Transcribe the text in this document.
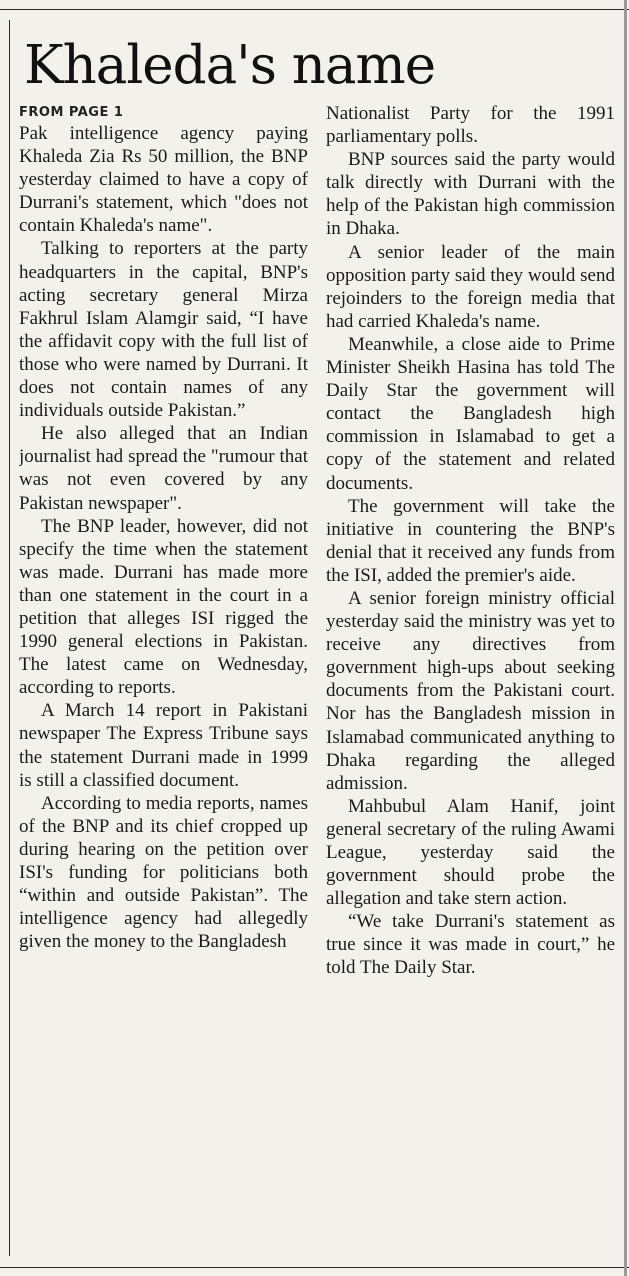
Khaleda's name
FROM PAGE 1

Pak intelligence agency paying Khaleda Zia Rs 50 million, the BNP yesterday claimed to have a copy of Durrani's statement, which "does not contain Khaleda's name".

Talking to reporters at the party headquarters in the capital, BNP's acting secretary general Mirza Fakhrul Islam Alamgir said, “I have the affidavit copy with the full list of those who were named by Durrani. It does not contain names of any individuals outside Pakistan.”

He also alleged that an Indian journalist had spread the "rumour that was not even covered by any Pakistan newspaper".

The BNP leader, however, did not specify the time when the statement was made. Durrani has made more than one statement in the court in a petition that alleges ISI rigged the 1990 general elections in Pakistan. The latest came on Wednesday, according to reports.

A March 14 report in Pakistani newspaper The Express Tribune says the statement Durrani made in 1999 is still a classified document.

According to media reports, names of the BNP and its chief cropped up during hearing on the petition over ISI's funding for politicians both “within and outside Pakistan”. The intelligence agency had allegedly given the money to the Bangladesh

Nationalist Party for the 1991 parliamentary polls.

BNP sources said the party would talk directly with Durrani with the help of the Pakistan high commission in Dhaka.

A senior leader of the main opposition party said they would send rejoinders to the foreign media that had carried Khaleda's name.

Meanwhile, a close aide to Prime Minister Sheikh Hasina has told The Daily Star the government will contact the Bangladesh high commission in Islamabad to get a copy of the statement and related documents.

The government will take the initiative in countering the BNP's denial that it received any funds from the ISI, added the premier's aide.

A senior foreign ministry official yesterday said the ministry was yet to receive any directives from government high-ups about seeking documents from the Pakistani court. Nor has the Bangladesh mission in Islamabad communicated anything to Dhaka regarding the alleged admission.

Mahbubul Alam Hanif, joint general secretary of the ruling Awami League, yesterday said the government should probe the allegation and take stern action.

“We take Durrani's statement as true since it was made in court,” he told The Daily Star.
